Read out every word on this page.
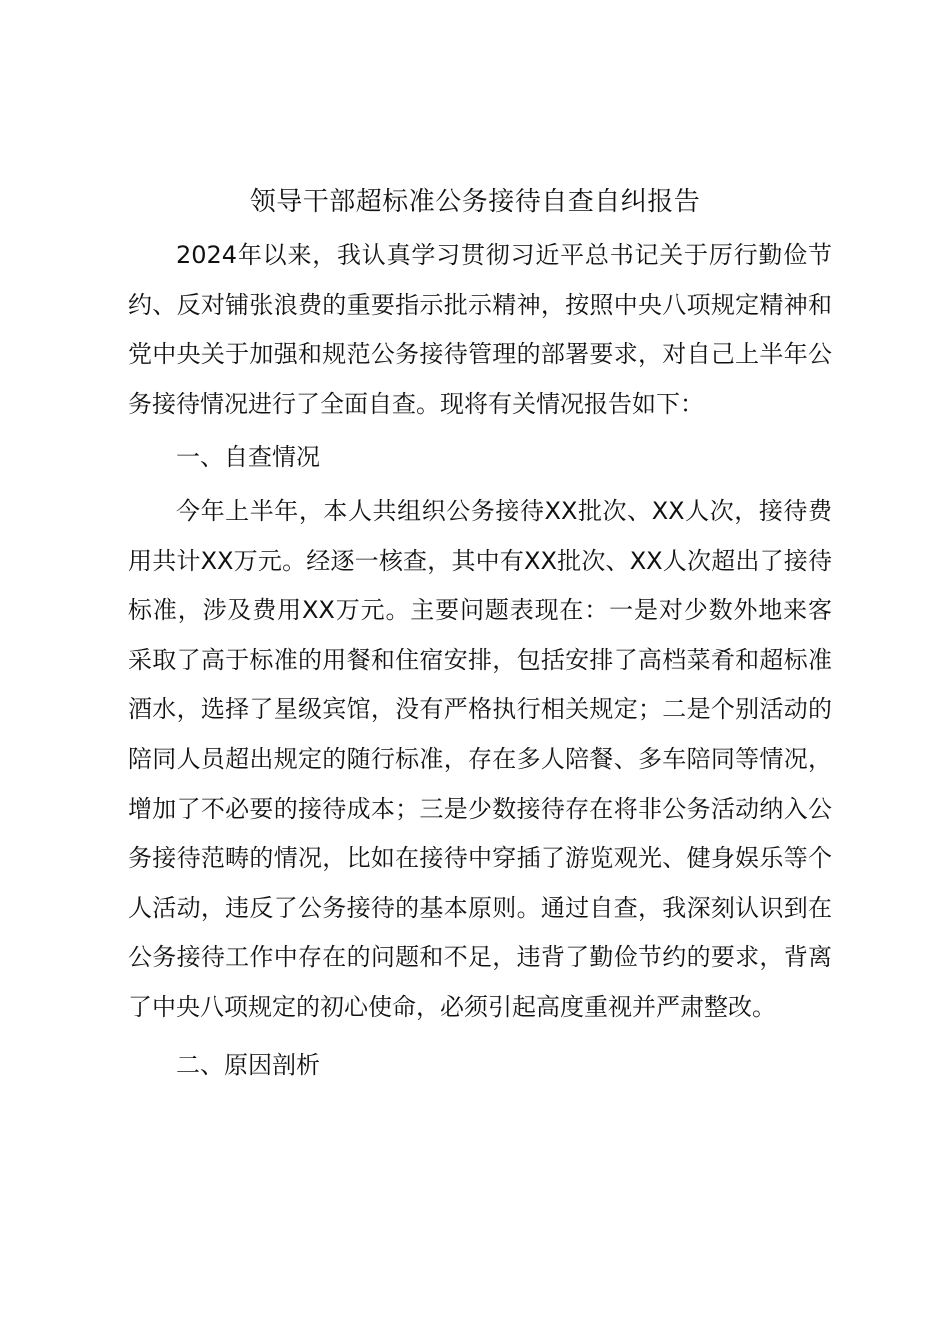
领导干部超标准公务接待自查自纠报告

2024年以来，我认真学习贯彻习近平总书记关于厉行勤俭节约、反对铺张浪费的重要指示批示精神，按照中央八项规定精神和党中央关于加强和规范公务接待管理的部署要求，对自己上半年公务接待情况进行了全面自查。现将有关情况报告如下：

一、自查情况

今年上半年，本人共组织公务接待XX批次、XX人次，接待费用共计XX万元。经逐一核查，其中有XX批次、XX人次超出了接待标准，涉及费用XX万元。主要问题表现在：一是对少数外地来客采取了高于标准的用餐和住宿安排，包括安排了高档菜肴和超标准酒水，选择了星级宾馆，没有严格执行相关规定；二是个别活动的陪同人员超出规定的随行标准，存在多人陪餐、多车陪同等情况，增加了不必要的接待成本；三是少数接待存在将非公务活动纳入公务接待范畴的情况，比如在接待中穿插了游览观光、健身娱乐等个人活动，违反了公务接待的基本原则。通过自查，我深刻认识到在公务接待工作中存在的问题和不足，违背了勤俭节约的要求，背离了中央八项规定的初心使命，必须引起高度重视并严肃整改。

二、原因剖析
